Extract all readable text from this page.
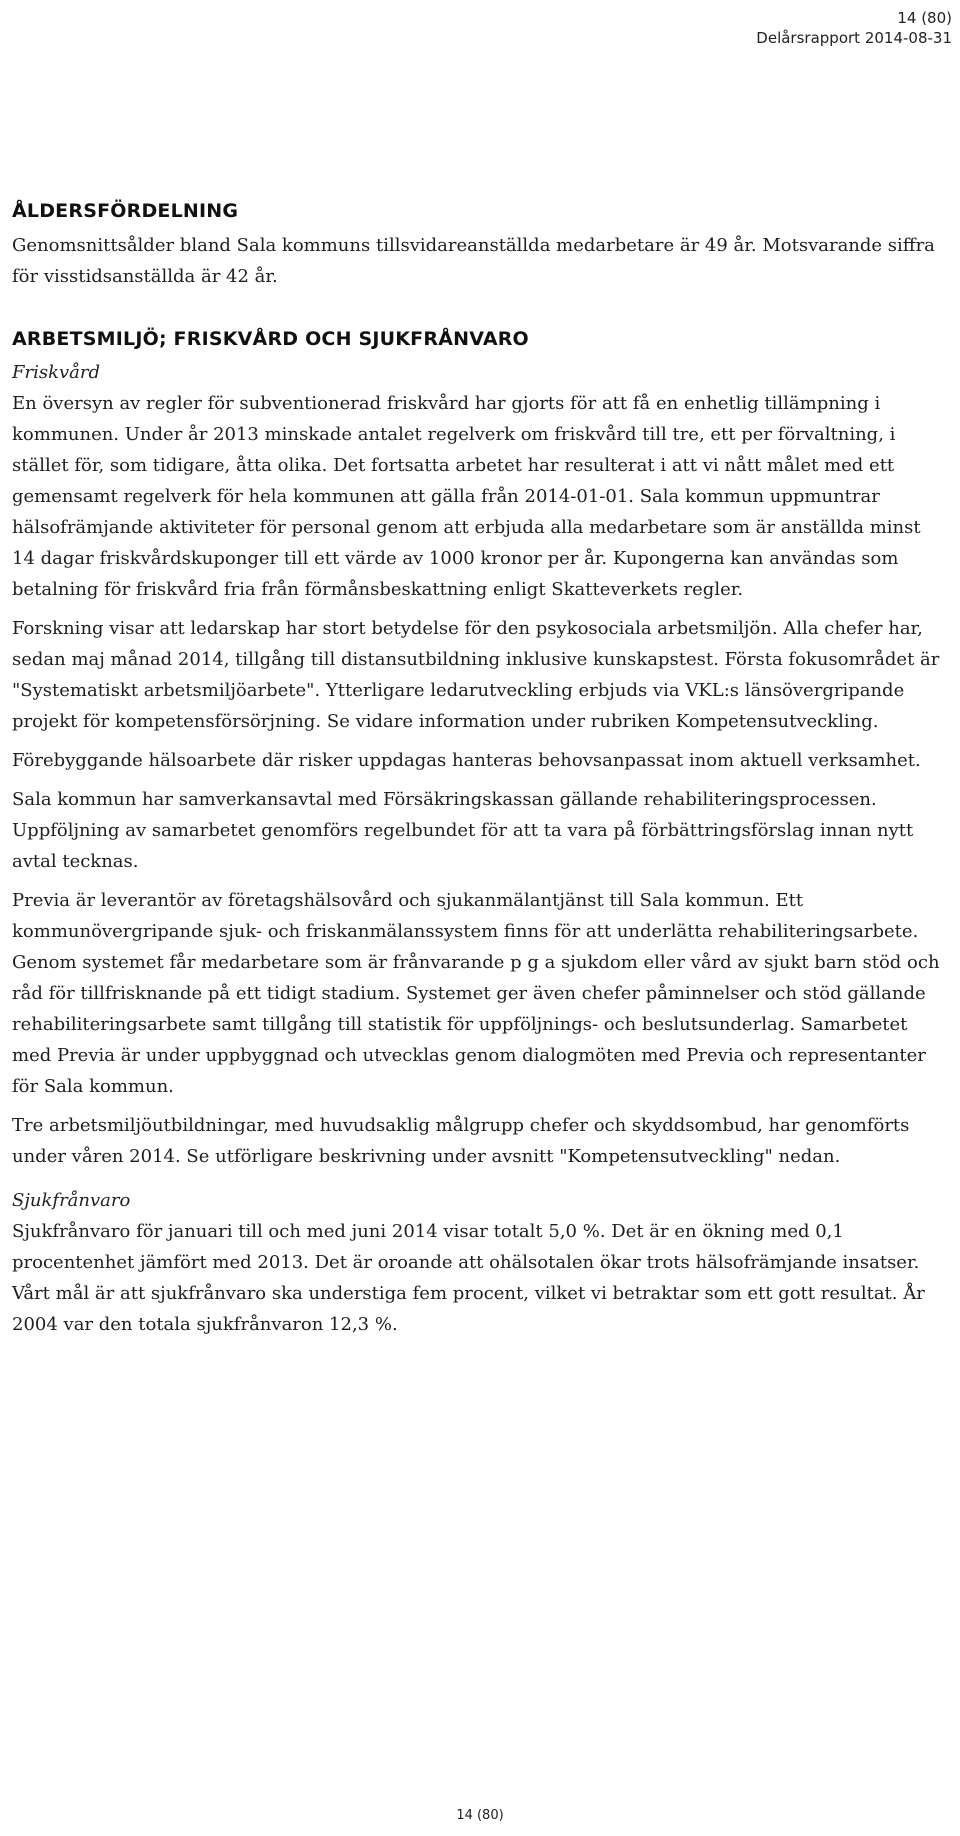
14 (80)
Delårsrapport 2014-08-31
ÅLDERSFÖRDELNING

Genomsnittsålder bland Sala kommuns tillsvidareanställda medarbetare är 49 år. Motsvarande siffra för visstidsanställda är 42 år.

ARBETSMILJÖ; FRISKVÅRD OCH SJUKFRÅNVARO
Friskvård

En översyn av regler för subventionerad friskvård har gjorts för att få en enhetlig tillämpning i kommunen. Under år 2013 minskade antalet regelverk om friskvård till tre, ett per förvaltning, i stället för, som tidigare, åtta olika. Det fortsatta arbetet har resulterat i att vi nått målet med ett gemensamt regelverk för hela kommunen att gälla från 2014-01-01. Sala kommun uppmuntrar hälsofrämjande aktiviteter för personal genom att erbjuda alla medarbetare som är anställda minst 14 dagar friskvårdskuponger till ett värde av 1000 kronor per år. Kupongerna kan användas som betalning för friskvård fria från förmånsbeskattning enligt Skatteverkets regler.

Forskning visar att ledarskap har stort betydelse för den psykosociala arbetsmiljön. Alla chefer har, sedan maj månad 2014, tillgång till distansutbildning inklusive kunskapstest. Första fokusområdet är "Systematiskt arbetsmiljöarbete". Ytterligare ledarutveckling erbjuds via VKL:s länsövergripande projekt för kompetensförsörjning. Se vidare information under rubriken Kompetensutveckling.

Förebyggande hälsoarbete där risker uppdagas hanteras behovsanpassat inom aktuell verksamhet.

Sala kommun har samverkansavtal med Försäkringskassan gällande rehabiliteringsprocessen. Uppföljning av samarbetet genomförs regelbundet för att ta vara på förbättringsförslag innan nytt avtal tecknas.

Previa är leverantör av företagshälsovård och sjukanmälantjänst till Sala kommun. Ett kommunövergripande sjuk- och friskanmälanssystem finns för att underlätta rehabiliteringsarbete. Genom systemet får medarbetare som är frånvarande p g a sjukdom eller vård av sjukt barn stöd och råd för tillfrisknande på ett tidigt stadium. Systemet ger även chefer påminnelser och stöd gällande rehabiliteringsarbete samt tillgång till statistik för uppföljnings- och beslutsunderlag. Samarbetet med Previa är under uppbyggnad och utvecklas genom dialogmöten med Previa och representanter för Sala kommun.

Tre arbetsmiljöutbildningar, med huvudsaklig målgrupp chefer och skyddsombud, har genomförts under våren 2014. Se utförligare beskrivning under avsnitt "Kompetensutveckling" nedan.

Sjukfrånvaro

Sjukfrånvaro för januari till och med juni 2014 visar totalt 5,0 %. Det är en ökning med 0,1 procentenhet jämfört med 2013. Det är oroande att ohälsotalen ökar trots hälsofrämjande insatser. Vårt mål är att sjukfrånvaro ska understiga fem procent, vilket vi betraktar som ett gott resultat. År 2004 var den totala sjukfrånvaron 12,3 %.

14 (80)
